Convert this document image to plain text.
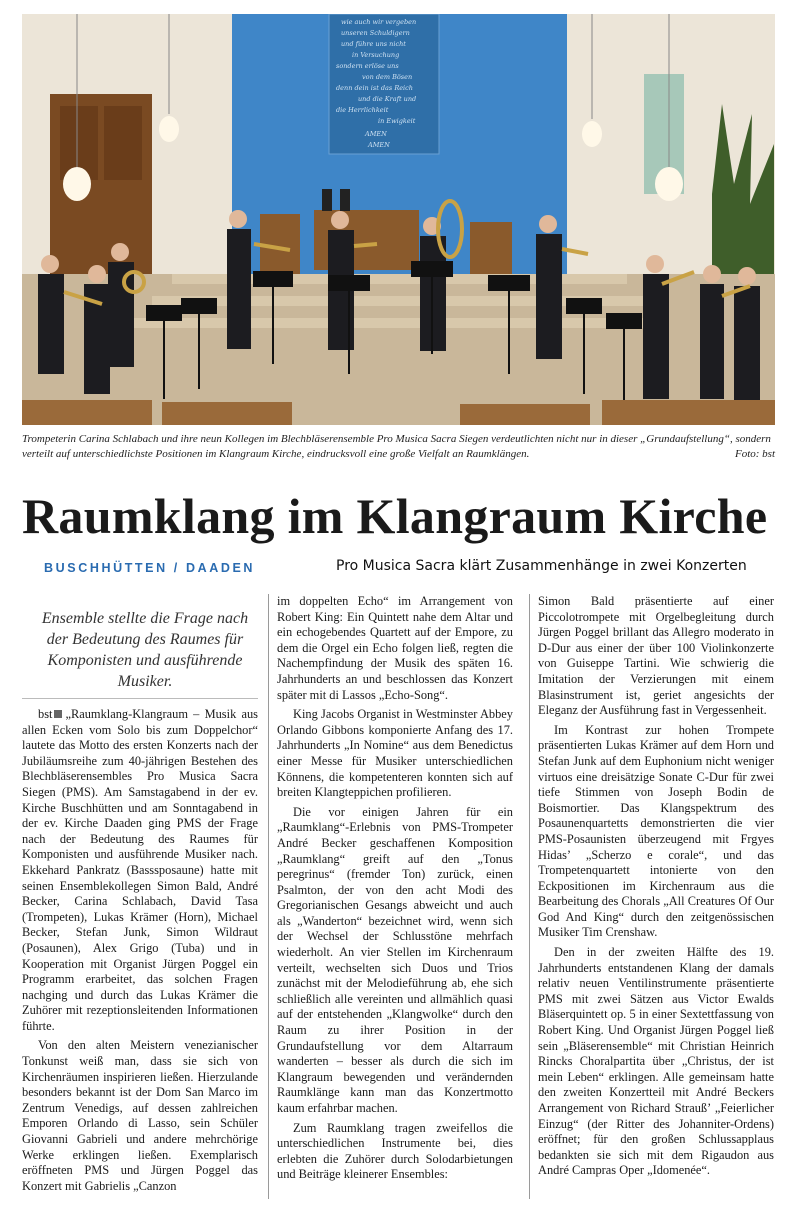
wie auch wir vergeben
unseren Schuldigern
und führe uns nicht
in Versuchung
sondern erlöse uns
von dem Bösen
denn dein ist das Reich
und die Kraft und
die Herrlichkeit
in Ewigkeit
AMEN
AMEN
Trompeterin Carina Schlabach und ihre neun Kollegen im Blechbläserensemble Pro Musica Sacra Siegen verdeutlichten nicht nur in dieser „Grundaufstellung“, sondern verteilt auf unterschiedlichste Positionen im Klangraum Kirche, eindrucksvoll eine große Vielfalt an Raumklängen.	Foto: bst
Raumklang im Klangraum Kirche
BUSCHHÜTTEN / DAADEN	Pro Musica Sacra klärt Zusammenhänge in zwei Konzerten
Ensemble stellte die Frage nach der Bedeutung des Raumes für Komponisten und ausführende Musiker.

bst „Raumklang-Klangraum – Musik aus allen Ecken vom Solo bis zum Doppelchor“ lautete das Motto des ersten Konzerts nach der Jubiläumsreihe zum 40-jährigen Bestehen des Blechbläserensembles Pro Musica Sacra Siegen (PMS). Am Samstagabend in der ev. Kirche Buschhütten und am Sonntagabend in der ev. Kirche Daaden ging PMS der Frage nach der Bedeutung des Raumes für Komponisten und ausführende Musiker nach. Ekkehard Pankratz (Basssposaune) hatte mit seinen Ensemblekollegen Simon Bald, André Becker, Carina Schlabach, David Tasa (Trompeten), Lukas Krämer (Horn), Michael Becker, Stefan Junk, Simon Wildraut (Posaunen), Alex Grigo (Tuba) und in Kooperation mit Organist Jürgen Poggel ein Programm erarbeitet, das solchen Fragen nachging und durch das Lukas Krämer die Zuhörer mit rezeptionsleitenden Informationen führte.

Von den alten Meistern venezianischer Tonkunst weiß man, dass sie sich von Kirchenräumen inspirieren ließen. Hierzulande besonders bekannt ist der Dom San Marco im Zentrum Venedigs, auf dessen zahlreichen Emporen Orlando di Lasso, sein Schüler Giovanni Gabrieli und andere mehrchörige Werke erklingen ließen. Exemplarisch eröffneten PMS und Jürgen Poggel das Konzert mit Gabrielis „Canzon

im doppelten Echo“ im Arrangement von Robert King: Ein Quintett nahe dem Altar und ein echogebendes Quartett auf der Empore, zu dem die Orgel ein Echo folgen ließ, regten die Nachempfindung der Musik des späten 16. Jahrhunderts an und beschlossen das Konzert später mit di Lassos „Echo-Song“.

King Jacobs Organist in Westminster Abbey Orlando Gibbons komponierte Anfang des 17. Jahrhunderts „In Nomine“ aus dem Benedictus einer Messe für Musiker unterschiedlichen Könnens, die kompetenteren konnten sich auf breiten Klangteppichen profilieren.

Die vor einigen Jahren für ein „Raumklang“-Erlebnis von PMS-Trompeter André Becker geschaffenen Komposition „Raumklang“ greift auf den „Tonus peregrinus“ (fremder Ton) zurück, einen Psalmton, der von den acht Modi des Gregorianischen Gesangs abweicht und auch als „Wanderton“ bezeichnet wird, wenn sich der Wechsel der Schlusstöne mehrfach wiederholt. An vier Stellen im Kirchenraum verteilt, wechselten sich Duos und Trios zunächst mit der Melodieführung ab, ehe sich schließlich alle vereinten und allmählich quasi auf der entstehenden „Klangwolke“ durch den Raum zu ihrer Position in der Grundaufstellung vor dem Altarraum wanderten – besser als durch die sich im Klangraum bewegenden und verändernden Raumklänge kann man das Konzertmotto kaum erfahrbar machen.

Zum Raumklang tragen zweifellos die unterschiedlichen Instrumente bei, dies erlebten die Zuhörer durch Solodarbietungen und Beiträge kleinerer Ensembles:

Simon Bald präsentierte auf einer Piccolotrompete mit Orgelbegleitung durch Jürgen Poggel brillant das Allegro moderato in D-Dur aus einer der über 100 Violinkonzerte von Guiseppe Tartini. Wie schwierig die Imitation der Verzierungen mit einem Blasinstrument ist, geriet angesichts der Eleganz der Ausführung fast in Vergessenheit.

Im Kontrast zur hohen Trompete präsentierten Lukas Krämer auf dem Horn und Stefan Junk auf dem Euphonium nicht weniger virtuos eine dreisätzige Sonate C-Dur für zwei tiefe Stimmen von Joseph Bodin de Boismortier. Das Klangspektrum des Posaunenquartetts demonstrierten die vier PMS-Posaunisten überzeugend mit Frgyes Hidas’ „Scherzo e corale“, und das Trompetenquartett intonierte von den Eckpositionen im Kirchenraum aus die Bearbeitung des Chorals „All Creatures Of Our God And King“ durch den zeitgenössischen Musiker Tim Crenshaw.

Den in der zweiten Hälfte des 19. Jahrhunderts entstandenen Klang der damals relativ neuen Ventilinstrumente präsentierte PMS mit zwei Sätzen aus Victor Ewalds Bläserquintett op. 5 in einer Sextettfassung von Robert King. Und Organist Jürgen Poggel ließ sein „Bläserensemble“ mit Christian Heinrich Rincks Choralpartita über „Christus, der ist mein Leben“ erklingen. Alle gemeinsam hatte den zweiten Konzertteil mit André Beckers Arrangement von Richard Strauß’ „Feierlicher Einzug“ (der Ritter des Johanniter-Ordens) eröffnet; für den großen Schlussapplaus bedankten sie sich mit dem Rigaudon aus André Campras Oper „Idomenée“.
